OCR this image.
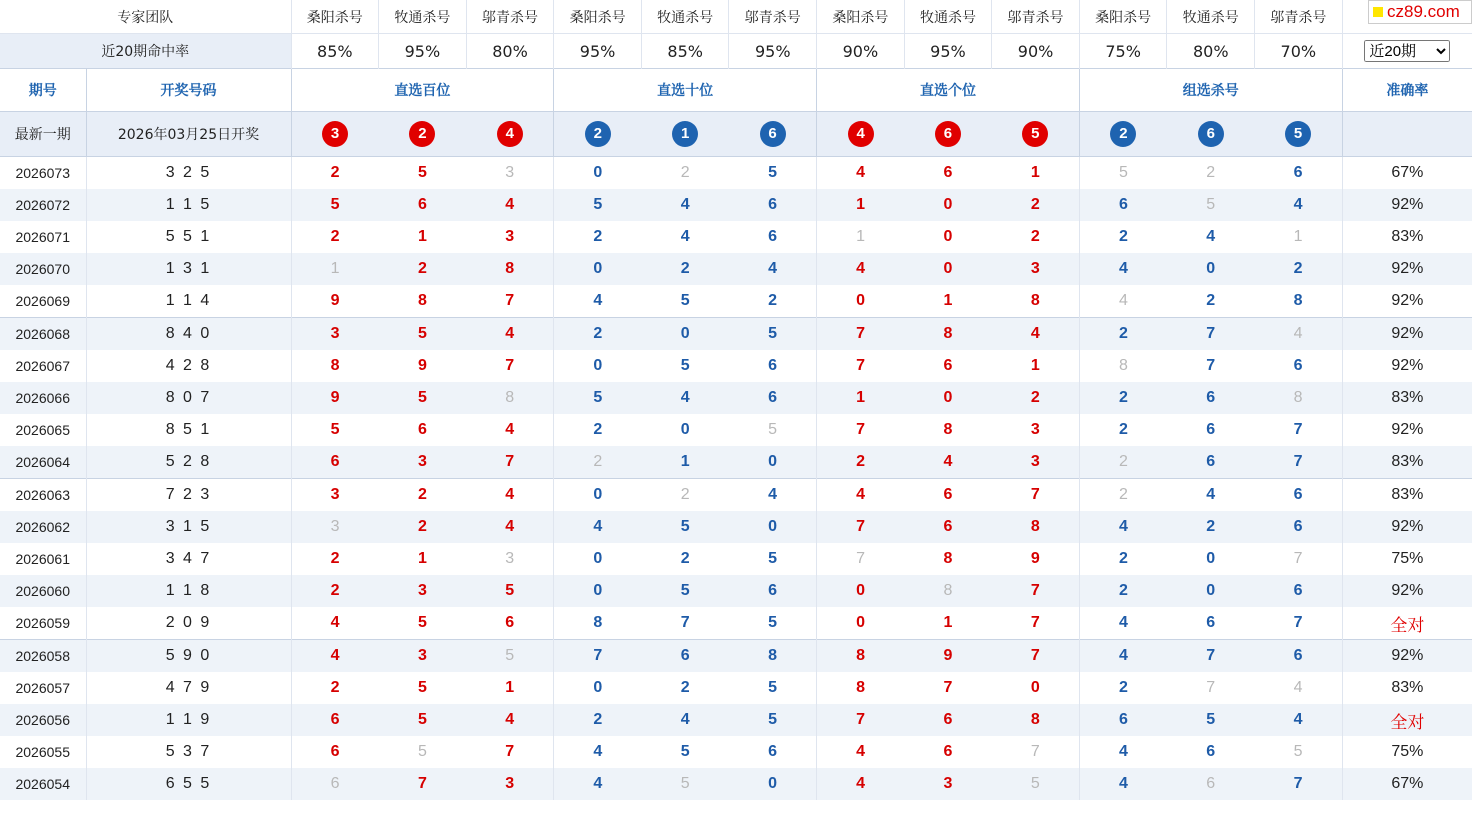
cz89.com
专家团队		桑阳杀号	牧通杀号	邬青杀号	桑阳杀号	牧通杀号	邬青杀号	桑阳杀号	牧通杀号	邬青杀号	桑阳杀号	牧通杀号	邬青杀号	
近20期命中率		85%	95%	80%	95%	85%	95%	90%	95%	90%	75%	80%	70%	
近20期
期号	开奖号码	直选百位			直选十位			直选个位			组选杀号			准确率
最新一期	2026年03月25日开奖	3	2	4	2	1	6	4	6	5	2	6	5	
2026073	3 2 5	2	5	3	0	2	5	4	6	1	5	2	6	67%
2026072	1 1 5	5	6	4	5	4	6	1	0	2	6	5	4	92%
2026071	5 5 1	2	1	3	2	4	6	1	0	2	2	4	1	83%
2026070	1 3 1	1	2	8	0	2	4	4	0	3	4	0	2	92%
2026069	1 1 4	9	8	7	4	5	2	0	1	8	4	2	8	92%
2026068	8 4 0	3	5	4	2	0	5	7	8	4	2	7	4	92%
2026067	4 2 8	8	9	7	0	5	6	7	6	1	8	7	6	92%
2026066	8 0 7	9	5	8	5	4	6	1	0	2	2	6	8	83%
2026065	8 5 1	5	6	4	2	0	5	7	8	3	2	6	7	92%
2026064	5 2 8	6	3	7	2	1	0	2	4	3	2	6	7	83%
2026063	7 2 3	3	2	4	0	2	4	4	6	7	2	4	6	83%
2026062	3 1 5	3	2	4	4	5	0	7	6	8	4	2	6	92%
2026061	3 4 7	2	1	3	0	2	5	7	8	9	2	0	7	75%
2026060	1 1 8	2	3	5	0	5	6	0	8	7	2	0	6	92%
2026059	2 0 9	4	5	6	8	7	5	0	1	7	4	6	7	全对
2026058	5 9 0	4	3	5	7	6	8	8	9	7	4	7	6	92%
2026057	4 7 9	2	5	1	0	2	5	8	7	0	2	7	4	83%
2026056	1 1 9	6	5	4	2	4	5	7	6	8	6	5	4	全对
2026055	5 3 7	6	5	7	4	5	6	4	6	7	4	6	5	75%
2026054	6 5 5	6	7	3	4	5	0	4	3	5	4	6	7	67%
